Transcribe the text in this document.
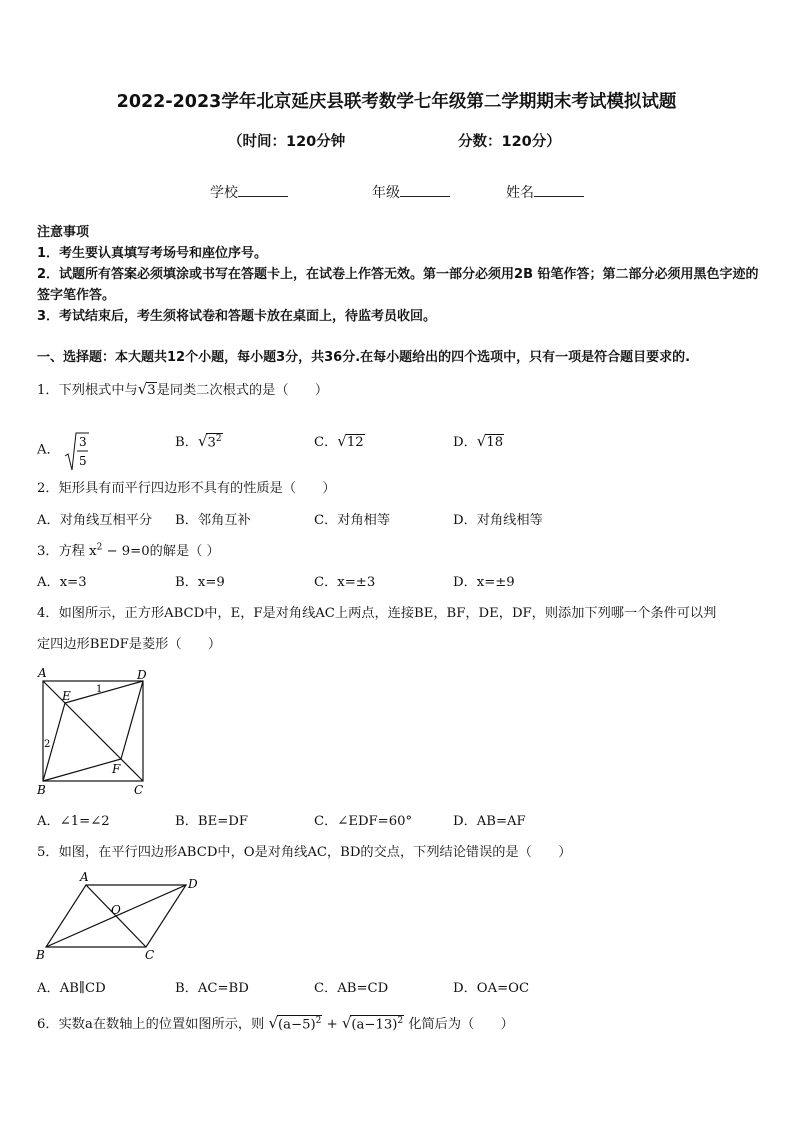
2022-2023学年北京延庆县联考数学七年级第二学期期末考试模拟试题
（时间：120分钟	分数：120分）
学校	年级	姓名
注意事项
1．考生要认真填写考场号和座位序号。
2．试题所有答案必须填涂或书写在答题卡上，在试卷上作答无效。第一部分必须用2B 铅笔作答；第二部分必须用黑色字迹的签字笔作答。
3．考试结束后，考生须将试卷和答题卡放在桌面上，待监考员收回。
一、选择题：本大题共12个小题，每小题3分，共36分.在每小题给出的四个选项中，只有一项是符合题目要求的.
1．下列根式中与√3是同类二次根式的是（　　）
A．
3
5
B．$√3^2$	C．√12	D．√18
2．矩形具有而平行四边形不具有的性质是（　　）
A．对角线互相平分 B．邻角互补	C．对角相等	D．对角线相等
3．方程 $x^2 - 9=0$的解是（ ）
A．x=3	B．x=9	C．x=±3	D．x=±9
4．如图所示，正方形ABCD中，E，F是对角线AC上两点，连接BE，BF，DE，DF，则添加下列哪一个条件可以判
定四边形BEDF是菱形（　　）
A	D
B	C
E
F
1
2
A．∠1=∠2	B．BE=DF	C．∠EDF=60°	D．AB=AF
5．如图，在平行四边形ABCD中，O是对角线AC，BD的交点，下列结论错误的是（　　）
A	D
B	C
O
A．AB∥CD	B．AC=BD	C．AB=CD	D．OA=OC
6．实数a在数轴上的位置如图所示，则 $√(a-5)^2 + √(a-13)^2$ 化简后为（　　）
